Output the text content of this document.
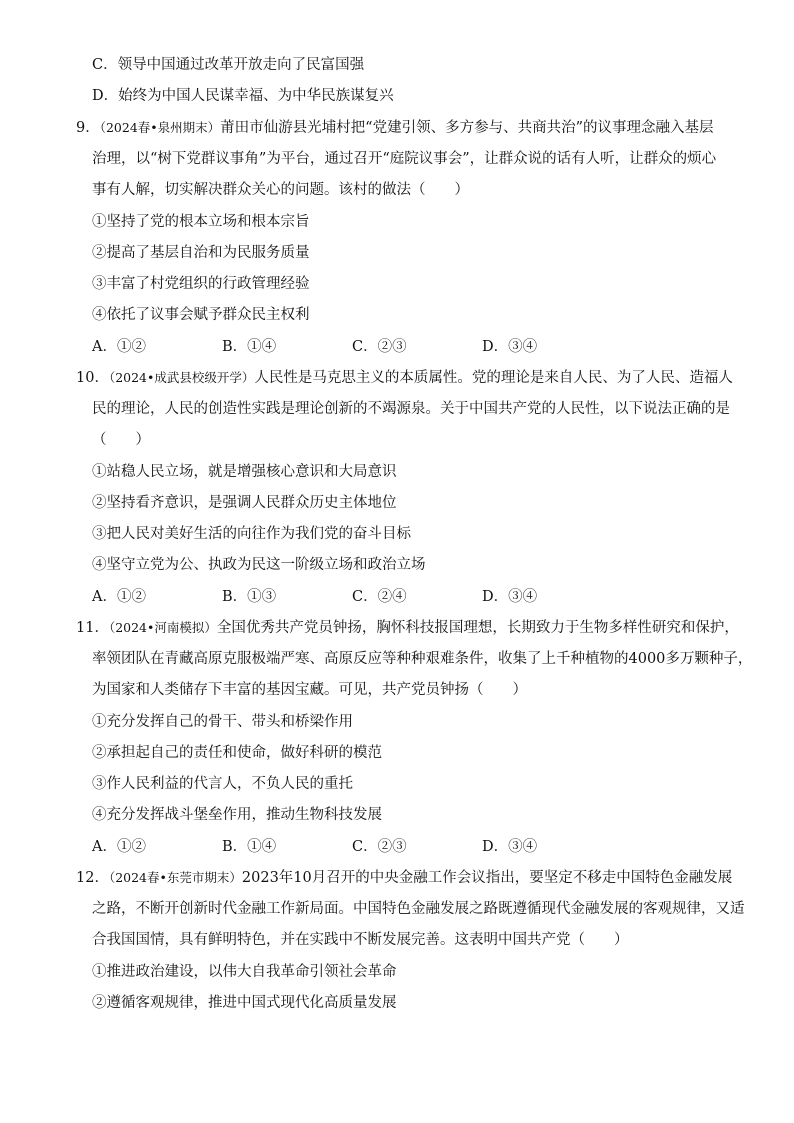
C．领导中国通过改革开放走向了民富国强
D．始终为中国人民谋幸福、为中华民族谋复兴
9．（2024春•泉州期末）莆田市仙游县光埔村把“党建引领、多方参与、共商共治”的议事理念融入基层
治理，以“树下党群议事角”为平台，通过召开“庭院议事会”，让群众说的话有人听，让群众的烦心
事有人解，切实解决群众关心的问题。该村的做法（　　）
①坚持了党的根本立场和根本宗旨
②提高了基层自治和为民服务质量
③丰富了村党组织的行政管理经验
④依托了议事会赋予群众民主权利
A．①②	B．①④	C．②③	D．③④
10．（2024•成武县校级开学）人民性是马克思主义的本质属性。党的理论是来自人民、为了人民、造福人
民的理论，人民的创造性实践是理论创新的不竭源泉。关于中国共产党的人民性，以下说法正确的是
（　　）
①站稳人民立场，就是增强核心意识和大局意识
②坚持看齐意识，是强调人民群众历史主体地位
③把人民对美好生活的向往作为我们党的奋斗目标
④坚守立党为公、执政为民这一阶级立场和政治立场
A．①②	B．①③	C．②④	D．③④
11．（2024•河南模拟）全国优秀共产党员钟扬，胸怀科技报国理想，长期致力于生物多样性研究和保护，
率领团队在青藏高原克服极端严寒、高原反应等种种艰难条件，收集了上千种植物的4000多万颗种子，
为国家和人类储存下丰富的基因宝藏。可见，共产党员钟扬（　　）
①充分发挥自己的骨干、带头和桥梁作用
②承担起自己的责任和使命，做好科研的模范
③作人民利益的代言人，不负人民的重托
④充分发挥战斗堡垒作用，推动生物科技发展
A．①②	B．①④	C．②③	D．③④
12．（2024春•东莞市期末）2023年10月召开的中央金融工作会议指出，要坚定不移走中国特色金融发展
之路，不断开创新时代金融工作新局面。中国特色金融发展之路既遵循现代金融发展的客观规律，又适
合我国国情，具有鲜明特色，并在实践中不断发展完善。这表明中国共产党（　　）
①推进政治建设，以伟大自我革命引领社会革命
②遵循客观规律，推进中国式现代化高质量发展
